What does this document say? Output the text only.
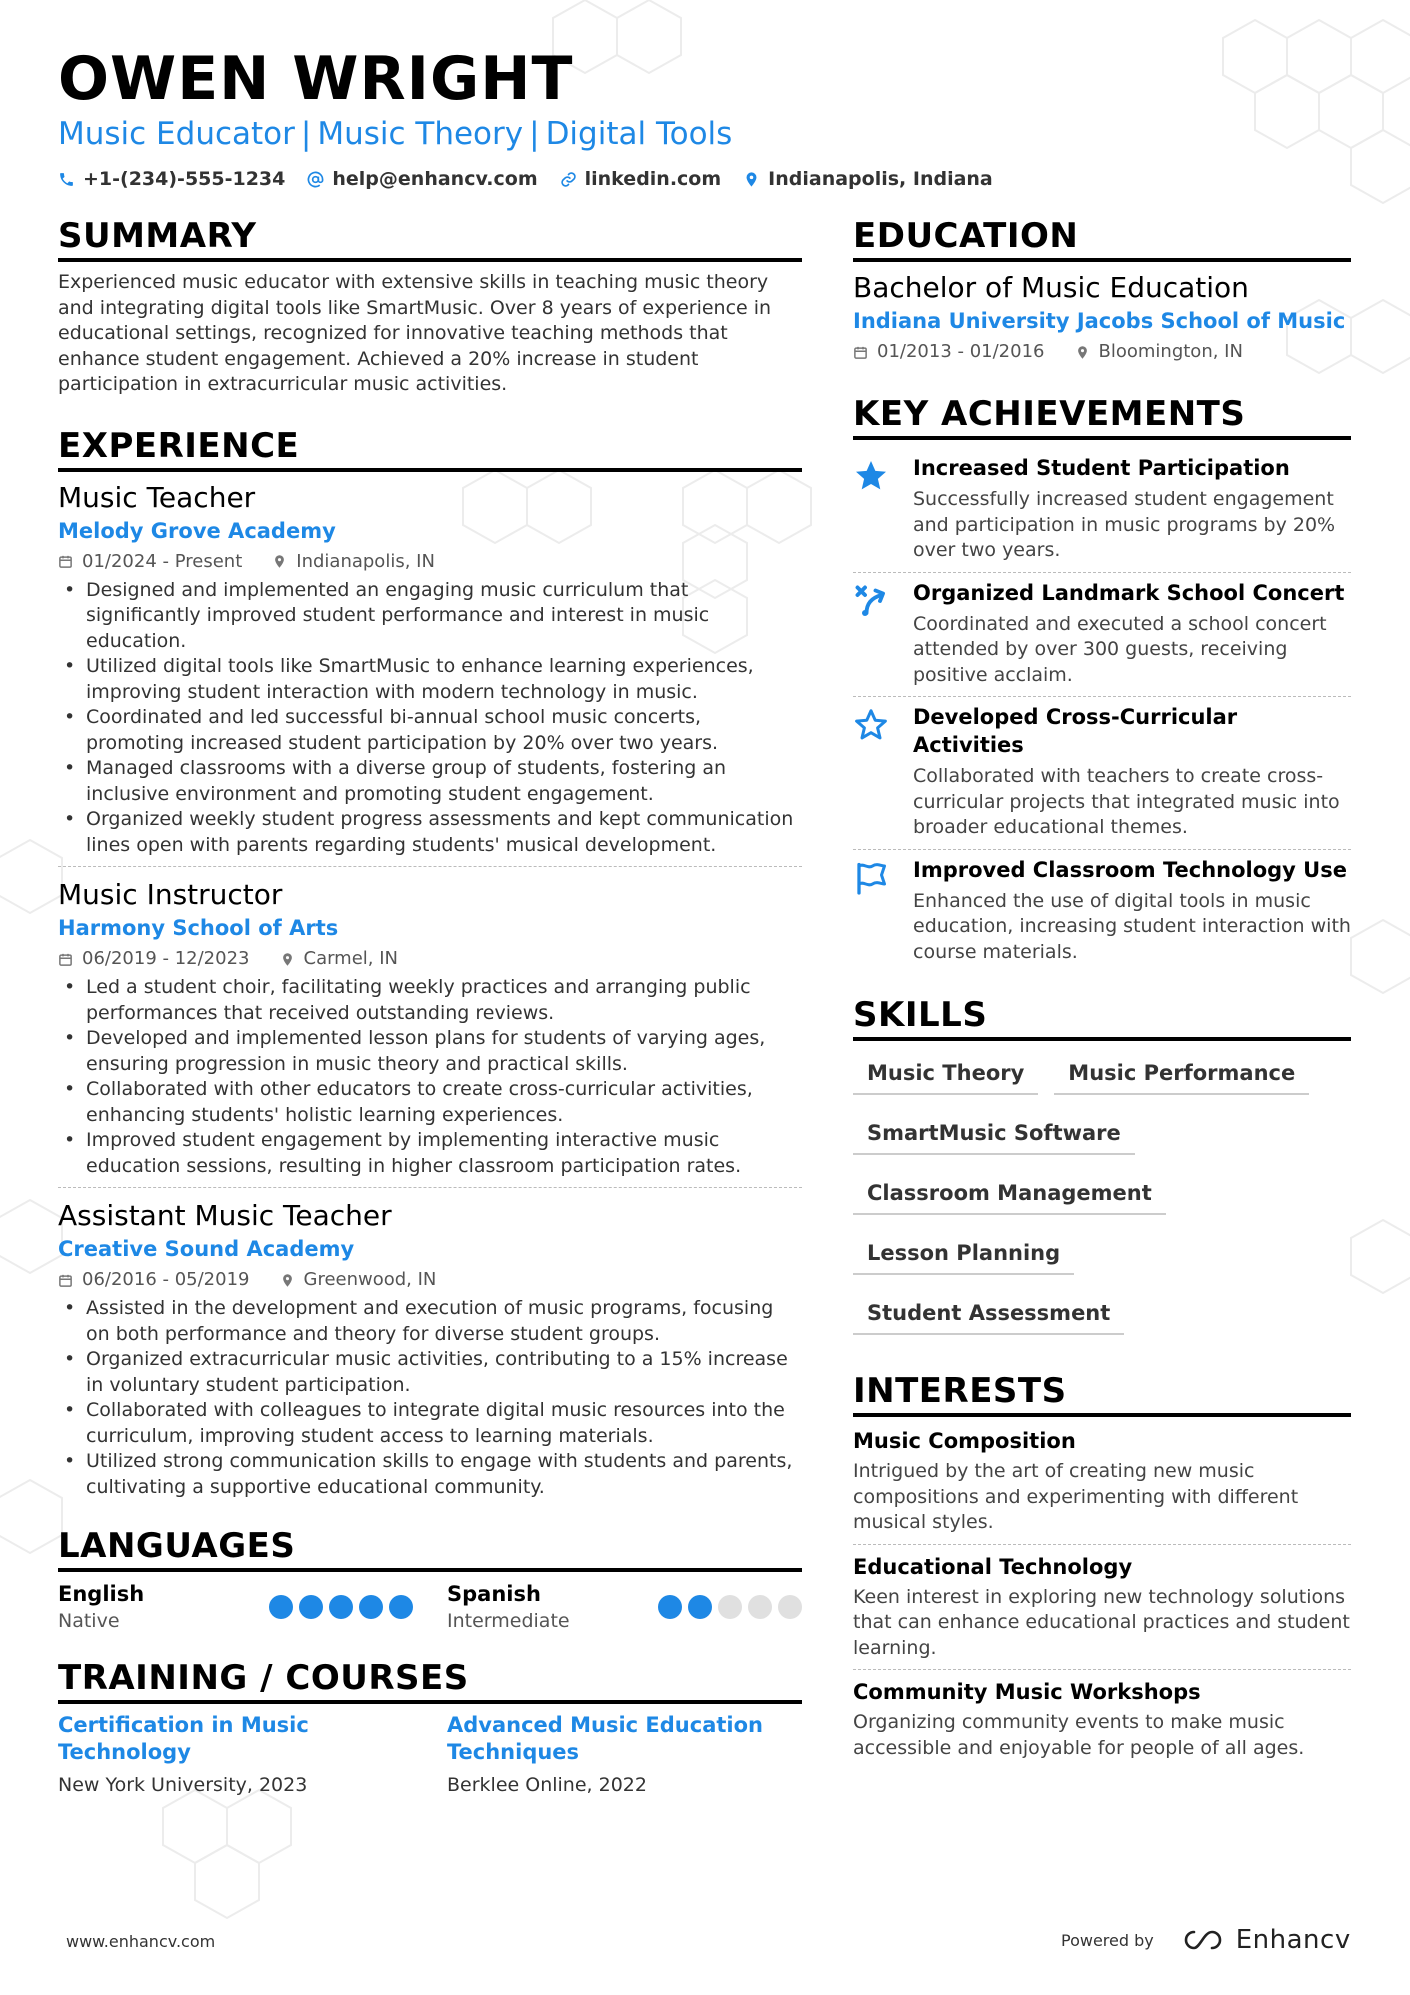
OWEN WRIGHT
Music Educator | Music Theory | Digital Tools
+1-(234)-555-1234 help@enhancv.com linkedin.com Indianapolis, Indiana
SUMMARY

Experienced music educator with extensive skills in teaching music theory and integrating digital tools like SmartMusic. Over 8 years of experience in educational settings, recognized for innovative teaching methods that enhance student engagement. Achieved a 20% increase in student participation in extracurricular music activities.

EXPERIENCE
Music Teacher
Melody Grove Academy
01/2024 - Present	Indianapolis, IN
• Designed and implemented an engaging music curriculum that significantly improved student performance and interest in music education.
• Utilized digital tools like SmartMusic to enhance learning experiences, improving student interaction with modern technology in music.
• Coordinated and led successful bi-annual school music concerts, promoting increased student participation by 20% over two years.
• Managed classrooms with a diverse group of students, fostering an inclusive environment and promoting student engagement.
• Organized weekly student progress assessments and kept communication lines open with parents regarding students' musical development.
Music Instructor
Harmony School of Arts
06/2019 - 12/2023	Carmel, IN
• Led a student choir, facilitating weekly practices and arranging public performances that received outstanding reviews.
• Developed and implemented lesson plans for students of varying ages, ensuring progression in music theory and practical skills.
• Collaborated with other educators to create cross-curricular activities, enhancing students' holistic learning experiences.
• Improved student engagement by implementing interactive music education sessions, resulting in higher classroom participation rates.
Assistant Music Teacher
Creative Sound Academy
06/2016 - 05/2019	Greenwood, IN
• Assisted in the development and execution of music programs, focusing on both performance and theory for diverse student groups.
• Organized extracurricular music activities, contributing to a 15% increase in voluntary student participation.
• Collaborated with colleagues to integrate digital music resources into the curriculum, improving student access to learning materials.
• Utilized strong communication skills to engage with students and parents, cultivating a supportive educational community.
LANGUAGES
English
Native
Spanish
Intermediate
TRAINING / COURSES
Certification in Music Technology
New York University, 2023
Advanced Music Education Techniques
Berklee Online, 2022
EDUCATION
Bachelor of Music Education
Indiana University Jacobs School of Music
01/2013 - 01/2016	Bloomington, IN
KEY ACHIEVEMENTS
Increased Student Participation
Successfully increased student engagement and participation in music programs by 20% over two years.
Organized Landmark School Concert
Coordinated and executed a school concert attended by over 300 guests, receiving positive acclaim.
Developed Cross-Curricular Activities
Collaborated with teachers to create cross-curricular projects that integrated music into broader educational themes.
Improved Classroom Technology Use
Enhanced the use of digital tools in music education, increasing student interaction with course materials.
SKILLS
Music Theory	Music Performance
SmartMusic Software
Classroom Management
Lesson Planning
Student Assessment
INTERESTS
Music Composition
Intrigued by the art of creating new music compositions and experimenting with different musical styles.
Educational Technology
Keen interest in exploring new technology solutions that can enhance educational practices and student learning.
Community Music Workshops
Organizing community events to make music accessible and enjoyable for people of all ages.
www.enhancv.com	Powered by	Enhancv
